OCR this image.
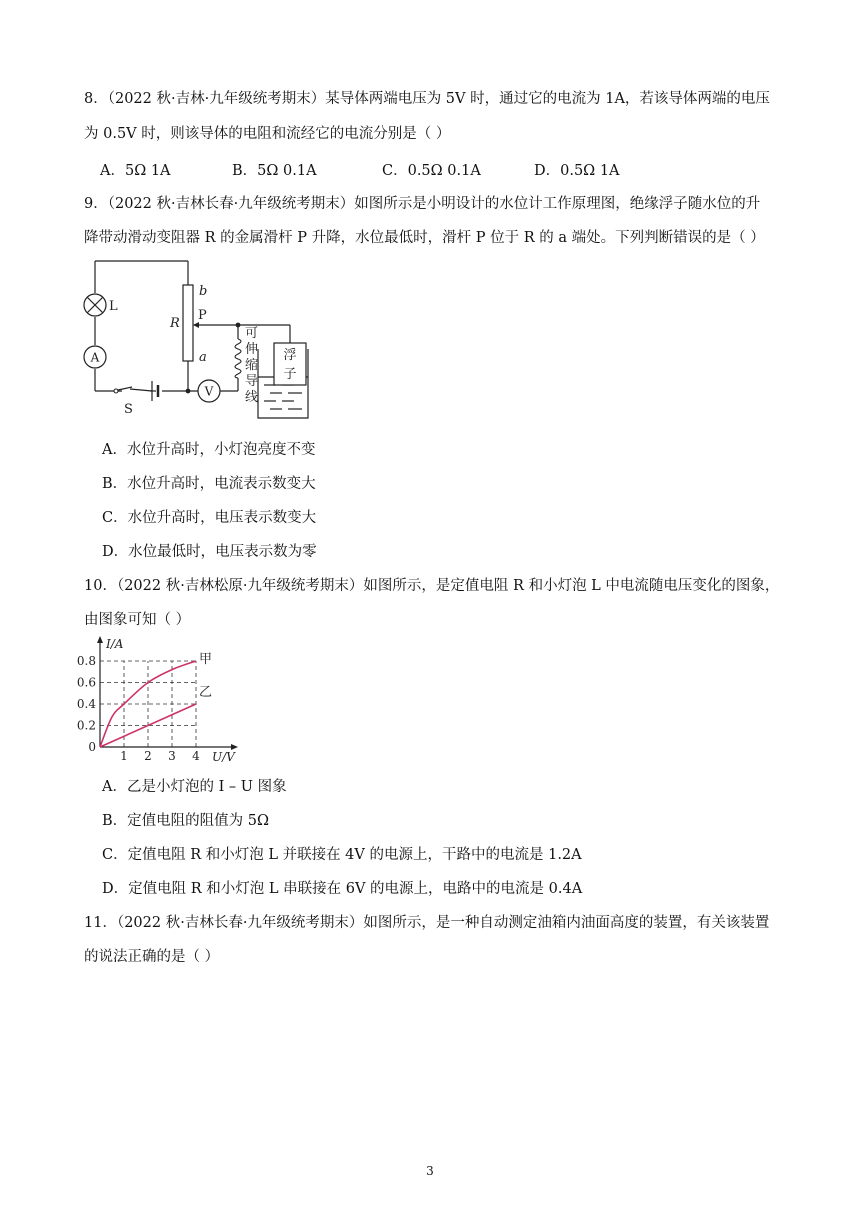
8．（2022 秋·吉林·九年级统考期末）某导体两端电压为 5V 时，通过它的电流为 1A，若该导体两端的电压
为 0.5V 时，则该导体的电阻和流经它的电流分别是（ ）
A．5Ω 1A	B．5Ω 0.1A	C．0.5Ω 0.1A	D．0.5Ω 1A
9．（2022 秋·吉林长春·九年级统考期末）如图所示是小明设计的水位计工作原理图，绝缘浮子随水位的升
降带动滑动变阻器 R 的金属滑杆 P 升降，水位最低时，滑杆 P 位于 R 的 a 端处。下列判断错误的是（ ）
A
V
浮
子
L
b
R
P
a
S
可
伸
缩
导
线
A．水位升高时，小灯泡亮度不变
B．水位升高时，电流表示数变大
C．水位升高时，电压表示数变大
D．水位最低时，电压表示数为零
10．（2022 秋·吉林松原·九年级统考期末）如图所示，是定值电阻 R 和小灯泡 L 中电流随电压变化的图象，
由图象可知（ ）
0
1 2 3 4
0.2
0.4
0.6
0.8
U/V
I/A
甲
乙
A．乙是小灯泡的 I – U 图象
B．定值电阻的阻值为 5Ω
C．定值电阻 R 和小灯泡 L 并联接在 4V 的电源上，干路中的电流是 1.2A
D．定值电阻 R 和小灯泡 L 串联接在 6V 的电源上，电路中的电流是 0.4A
11．（2022 秋·吉林长春·九年级统考期末）如图所示，是一种自动测定油箱内油面高度的装置，有关该装置
的说法正确的是（ ）
3
